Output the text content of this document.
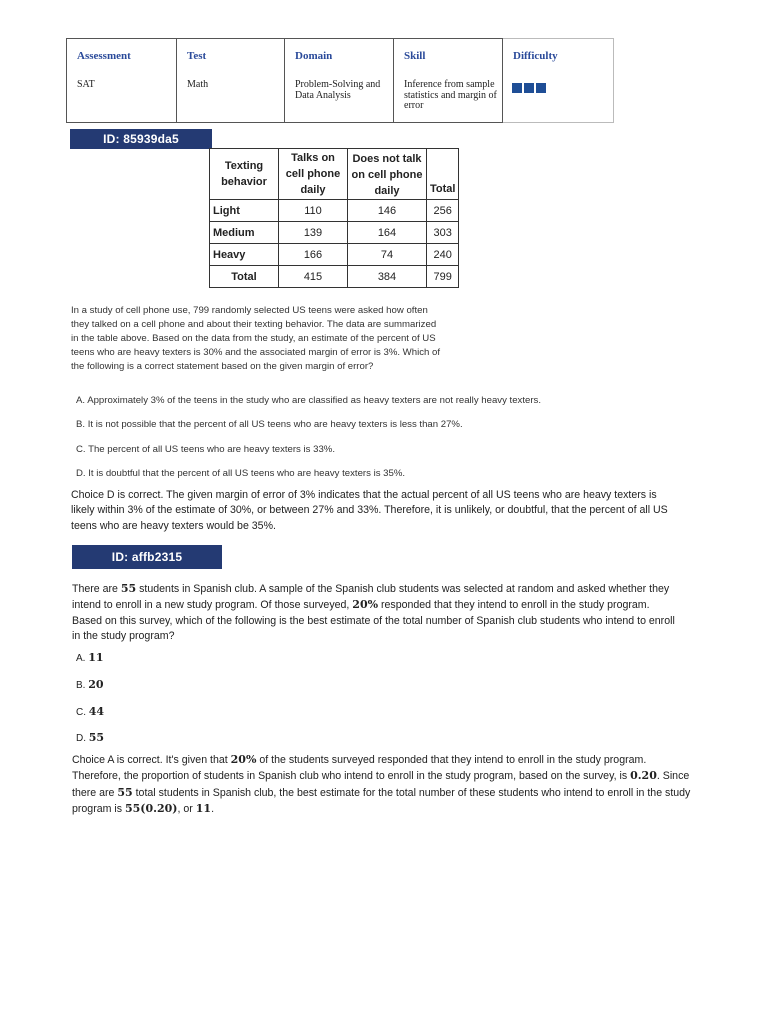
Assessment
SAT

Test
Math

Domain
Problem-Solving and Data Analysis

Skill
Inference from sample statistics and margin of error

Difficulty
ID: 85939da5
Texting behavior	Talks on cell phone daily	Does not talk on cell phone daily	Total
Light	110	146	256
Medium	139	164	303
Heavy	166	74	240
Total	415	384	799

In a study of cell phone use, 799 randomly selected US teens were asked how often they talked on a cell phone and about their texting behavior. The data are summarized in the table above. Based on the data from the study, an estimate of the percent of US teens who are heavy texters is 30% and the associated margin of error is 3%. Which of the following is a correct statement based on the given margin of error?

A. Approximately 3% of the teens in the study who are classified as heavy texters are not really heavy texters.
B. It is not possible that the percent of all US teens who are heavy texters is less than 27%.
C. The percent of all US teens who are heavy texters is 33%.
D. It is doubtful that the percent of all US teens who are heavy texters is 35%.

Choice D is correct. The given margin of error of 3% indicates that the actual percent of all US teens who are heavy texters is likely within 3% of the estimate of 30%, or between 27% and 33%. Therefore, it is unlikely, or doubtful, that the percent of all US teens who are heavy texters would be 35%.

ID: affb2315

There are 55 students in Spanish club. A sample of the Spanish club students was selected at random and asked whether they intend to enroll in a new study program. Of those surveyed, 20% responded that they intend to enroll in the study program. Based on this survey, which of the following is the best estimate of the total number of Spanish club students who intend to enroll in the study program?

A. 11
B. 20
C. 44
D. 55

Choice A is correct. It's given that 20% of the students surveyed responded that they intend to enroll in the study program. Therefore, the proportion of students in Spanish club who intend to enroll in the study program, based on the survey, is 0.20. Since there are 55 total students in Spanish club, the best estimate for the total number of these students who intend to enroll in the study program is 55(0.20), or 11.
